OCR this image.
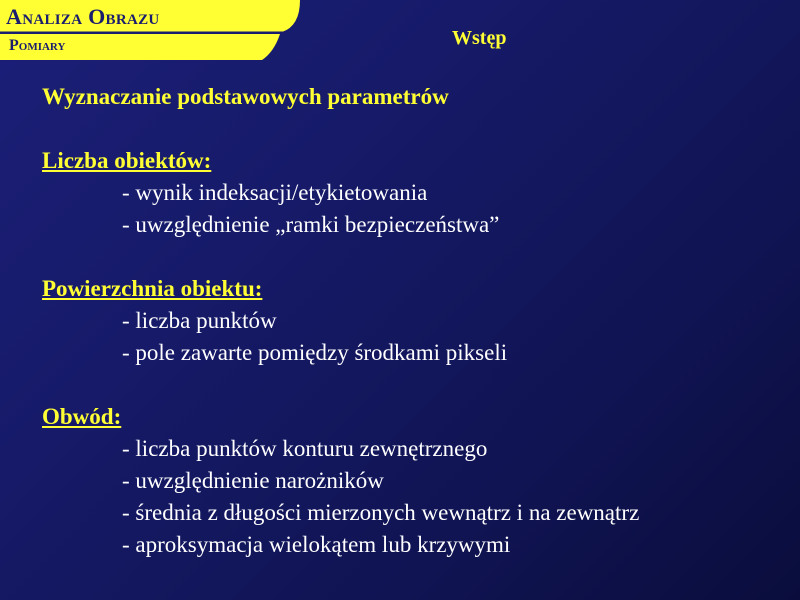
Analiza Obrazu
Pomiary	Wstęp
Wyznaczanie podstawowych parametrów
Liczba obiektów:
- wynik indeksacji/etykietowania
- uwzględnienie „ramki bezpieczeństwa”
Powierzchnia obiektu:
- liczba punktów
- pole zawarte pomiędzy środkami pikseli
Obwód:
- liczba punktów konturu zewnętrznego
- uwzględnienie narożników
- średnia z długości mierzonych wewnątrz i na zewnątrz
- aproksymacja wielokątem lub krzywymi
